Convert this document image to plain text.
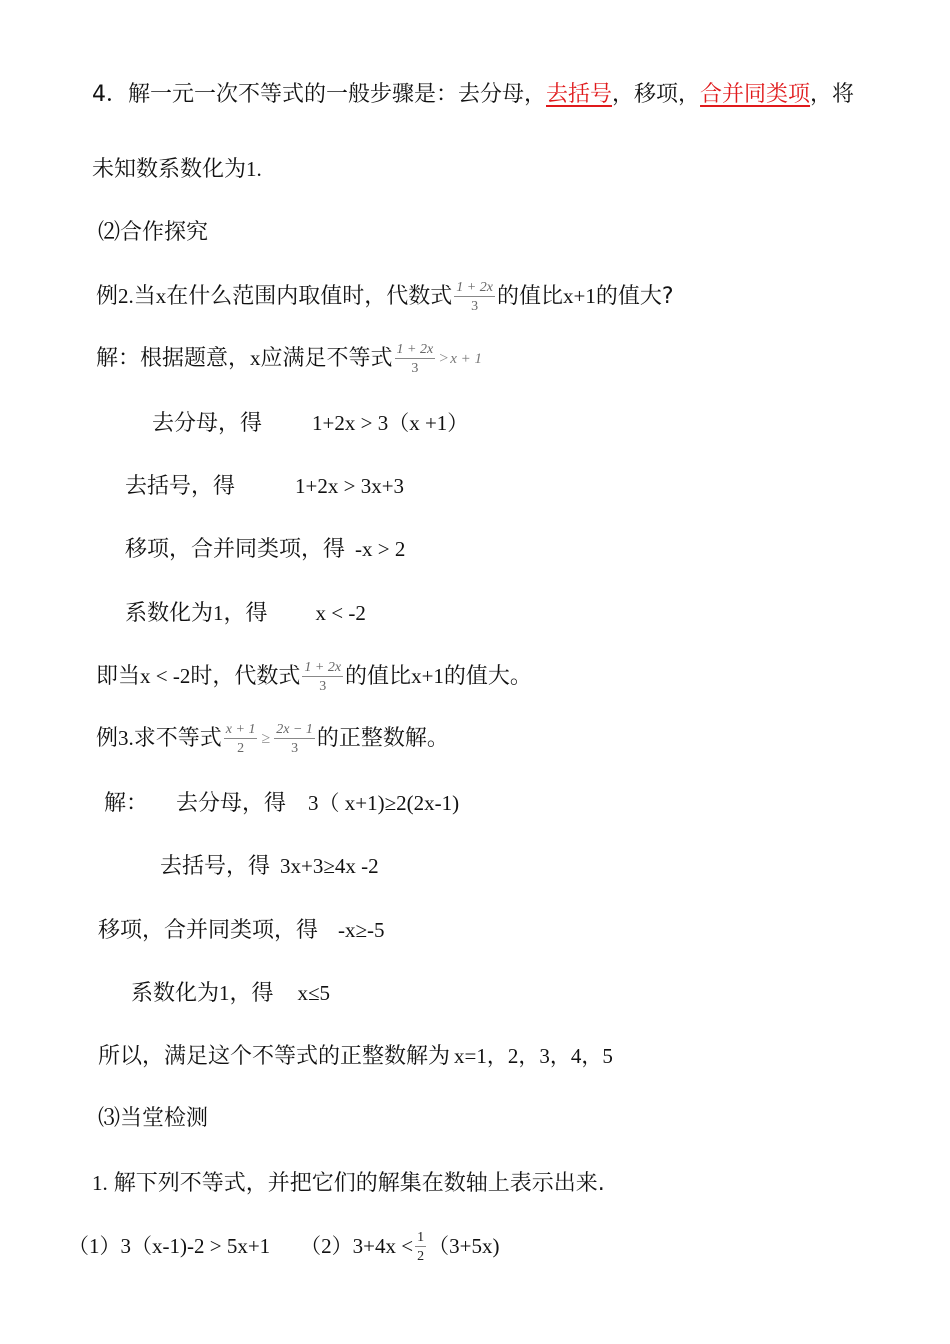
4．解一元一次不等式的一般步骤是：去分母，去括号，移项，合并同类项，将
未知数系数化为1.
⑵合作探究
例2.当x在什么范围内取值时，代数式 $\frac{1 + 2x}{3}$ 的值比x+1的值大?
解：根据题意，x应满足不等式 $\frac{1 + 2x}{3} > x + 1$
去分母，得 1+2x > 3（x +1）
去括号，得	1+2x > 3x+3
移项，合并同类项，得 -x > 2
系数化为1，得 x < -2
即当x < -2时，代数式 $\frac{1 + 2x}{3}$ 的值比x+1的值大。
例3.求不等式 $\frac{x + 1}{2} \ge \frac{2x - 1}{3}$ 的正整数解。
解： 去分母，得 3（ x+1)≥2(2x-1)
去括号，得 3x+3≥4x -2
移项，合并同类项，得 -x≥-5
系数化为1，得 x≤5
所以，满足这个不等式的正整数解为 x=1，2，3，4，5
⑶当堂检测
1. 解下列不等式，并把它们的解集在数轴上表示出来.
（1）3（x-1)-2 > 5x+1 $(2)3+4x < \frac{1}{2} (3+5x)$
